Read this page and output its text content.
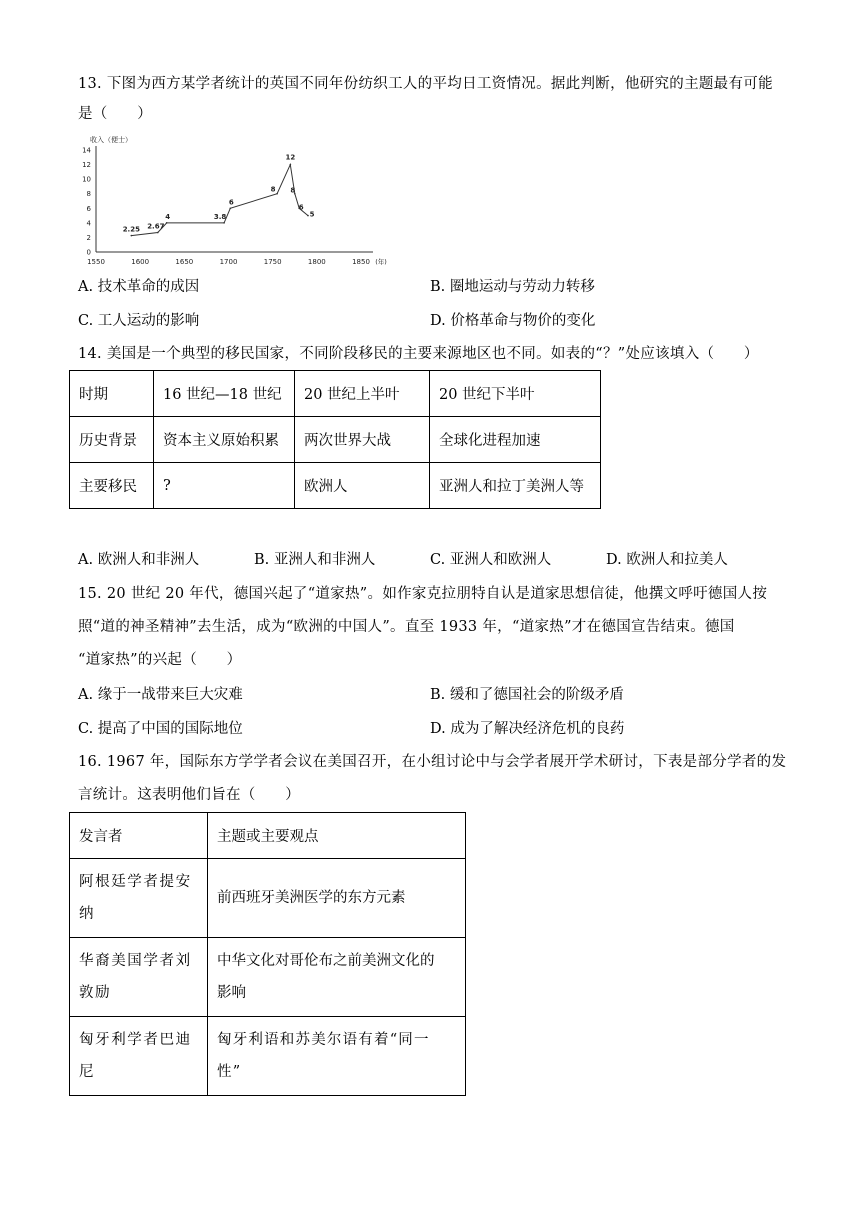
13. 下图为西方某学者统计的英国不同年份纺织工人的平均日工资情况。据此判断，他研究的主题最有可能
是（　　）
收入（便士）
0
2
4
6
8
10
12
14
1550	1600	1650	1700	1750	1800	1850 (年)
2.25 2.67
4	3.8
6
8
12
8
6
5
A. 技术革命的成因	B. 圈地运动与劳动力转移
C. 工人运动的影响	D. 价格革命与物价的变化
14. 美国是一个典型的移民国家，不同阶段移民的主要来源地区也不同。如表的“？”处应该填入（　　）
时期	16 世纪—18 世纪	20 世纪上半叶	20 世纪下半叶
历史背景	资本主义原始积累	两次世界大战	全球化进程加速
主要移民	?	欧洲人	亚洲人和拉丁美洲人等
A. 欧洲人和非洲人	B. 亚洲人和非洲人	C. 亚洲人和欧洲人	D. 欧洲人和拉美人
15. 20 世纪 20 年代，德国兴起了“道家热”。如作家克拉朋特自认是道家思想信徒，他撰文呼吁德国人按
照“道的神圣精神”去生活，成为“欧洲的中国人”。直至 1933 年，“道家热”才在德国宣告结束。德国
“道家热”的兴起（　　）
A. 缘于一战带来巨大灾难	B. 缓和了德国社会的阶级矛盾
C. 提高了中国的国际地位	D. 成为了解决经济危机的良药
16. 1967 年，国际东方学学者会议在美国召开，在小组讨论中与会学者展开学术研讨，下表是部分学者的发
言统计。这表明他们旨在（　　）
发言者	主题或主要观点
阿根廷学者提安
纳	前西班牙美洲医学的东方元素
华裔美国学者刘
敦励	中华文化对哥伦布之前美洲文化的
影响
匈牙利学者巴迪
尼	匈牙利语和苏美尔语有着“同一
性”
